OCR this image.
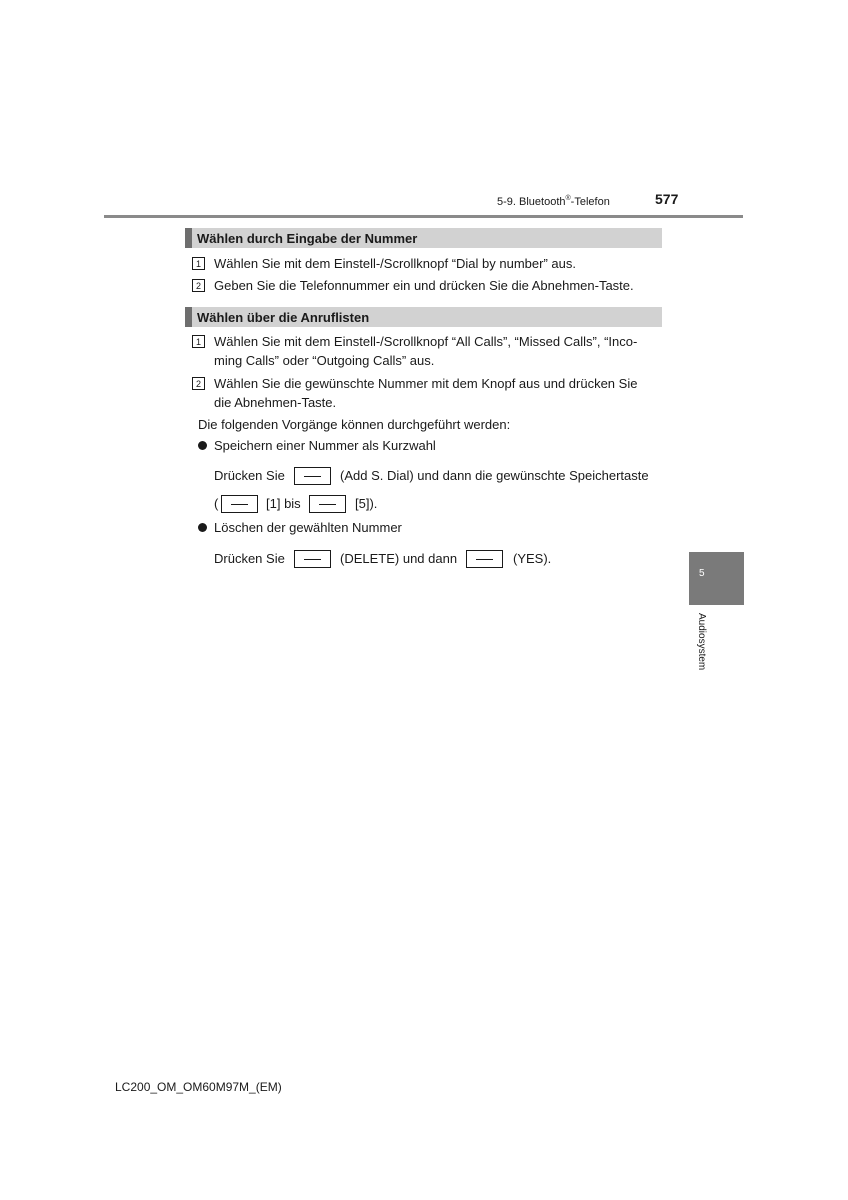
5-9. Bluetooth®-Telefon	577
Wählen durch Eingabe der Nummer
1	Wählen Sie mit dem Einstell-/Scrollknopf “Dial by number” aus.
2	Geben Sie die Telefonnummer ein und drücken Sie die Abnehmen-Taste.
Wählen über die Anruflisten
1	Wählen Sie mit dem Einstell-/Scrollknopf “All Calls”, “Missed Calls”, “Inco-
ming Calls” oder “Outgoing Calls” aus.
2	Wählen Sie die gewünschte Nummer mit dem Knopf aus und drücken Sie
die Abnehmen-Taste.
Die folgenden Vorgänge können durchgeführt werden:
Speichern einer Nummer als Kurzwahl
Drücken Sie	(Add S. Dial) und dann die gewünschte Speichertaste
(	[1] bis	[5]).
Löschen der gewählten Nummer
Drücken Sie	(DELETE) und dann	(YES).
5
Audiosystem
LC200_OM_OM60M97M_(EM)
